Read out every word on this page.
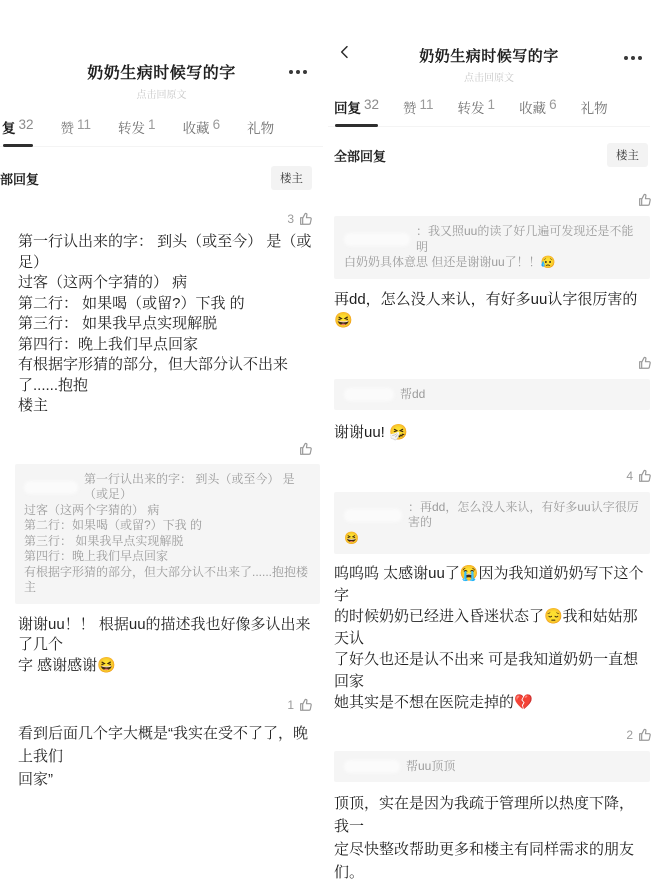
奶奶生病时候写的字
点击回原文
复 32 赞 11 转发 1 收藏 6 礼物
部回复	楼主
3
第一行认出来的字： 到头（或至今） 是（或足）
过客（这两个字猜的） 病
第二行： 如果喝（或留?）下我 的
第三行： 如果我早点实现解脱
第四行：晚上我们早点回家
有根据字形猜的部分，但大部分认不出来了......抱抱
楼主
第一行认出来的字： 到头（或至今） 是（或足）
过客（这两个字猜的） 病
第二行：如果喝（或留?）下我 的
第三行： 如果我早点实现解脱
第四行：晚上我们早点回家
有根据字形猜的部分，但大部分认不出来了......抱抱楼主
谢谢uu！！ 根据uu的描述我也好像多认出来了几个
字 感谢感谢😆
1
看到后面几个字大概是“我实在受不了了，晚上我们
回家”
奶奶生病时候写的字
点击回原文
回复 32 赞 11 转发 1 收藏 6 礼物
全部回复	楼主
：我又照uu的读了好几遍可发现还是不能明
白奶奶具体意思 但还是谢谢uu了！！😥
再dd，怎么没人来认，有好多uu认字很厉害的😆
帮dd
谢谢uu! 🤧
4
：再dd，怎么没人来认，有好多uu认字很厉害的
😆
呜呜呜 太感谢uu了😭因为我知道奶奶写下这个字
的时候奶奶已经进入昏迷状态了😔我和姑姑那天认
了好久也还是认不出来 可是我知道奶奶一直想回家
她其实是不想在医院走掉的💔
2
帮uu顶顶
顶顶，实在是因为我疏于管理所以热度下降，我一
定尽快整改帮助更多和楼主有同样需求的朋友们。
